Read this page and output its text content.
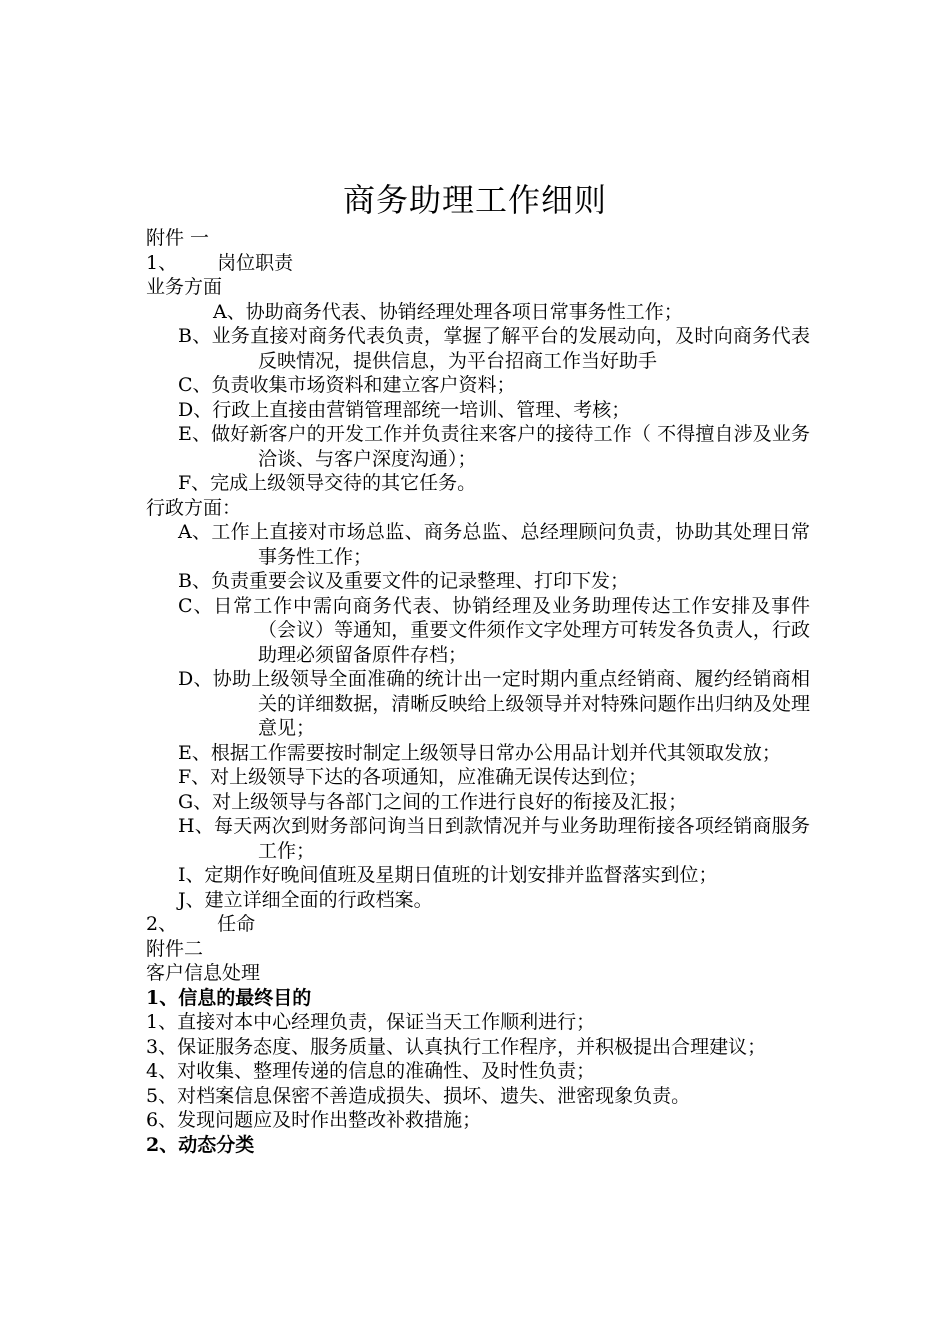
商务助理工作细则

附件 一

1、 岗位职责

业务方面

A、协助商务代表、协销经理处理各项日常事务性工作；

B、业务直接对商务代表负责，掌握了解平台的发展动向，及时向商务代表反映情况，提供信息，为平台招商工作当好助手

C、负责收集市场资料和建立客户资料；

D、行政上直接由营销管理部统一培训、管理、考核；

E、做好新客户的开发工作并负责往来客户的接待工作（ 不得擅自涉及业务洽谈、与客户深度沟通）；

F、完成上级领导交待的其它任务。

行政方面：

A、工作上直接对市场总监、商务总监、总经理顾问负责，协助其处理日常事务性工作；

B、负责重要会议及重要文件的记录整理、打印下发；

C、日常工作中需向商务代表、协销经理及业务助理传达工作安排及事件（会议）等通知，重要文件须作文字处理方可转发各负责人，行政助理必须留备原件存档；

D、协助上级领导全面准确的统计出一定时期内重点经销商、履约经销商相关的详细数据，清晰反映给上级领导并对特殊问题作出归纳及处理意见；

E、根据工作需要按时制定上级领导日常办公用品计划并代其领取发放；

F、对上级领导下达的各项通知，应准确无误传达到位；

G、对上级领导与各部门之间的工作进行良好的衔接及汇报；

H、每天两次到财务部问询当日到款情况并与业务助理衔接各项经销商服务工作；

I、定期作好晚间值班及星期日值班的计划安排并监督落实到位；

J、建立详细全面的行政档案。

2、 任命

附件二

客户信息处理

1、信息的最终目的

1、直接对本中心经理负责，保证当天工作顺利进行；

3、保证服务态度、服务质量、认真执行工作程序，并积极提出合理建议；

4、对收集、整理传递的信息的准确性、及时性负责；

5、对档案信息保密不善造成损失、损坏、遗失、泄密现象负责。

6、发现问题应及时作出整改补救措施；

2、动态分类
